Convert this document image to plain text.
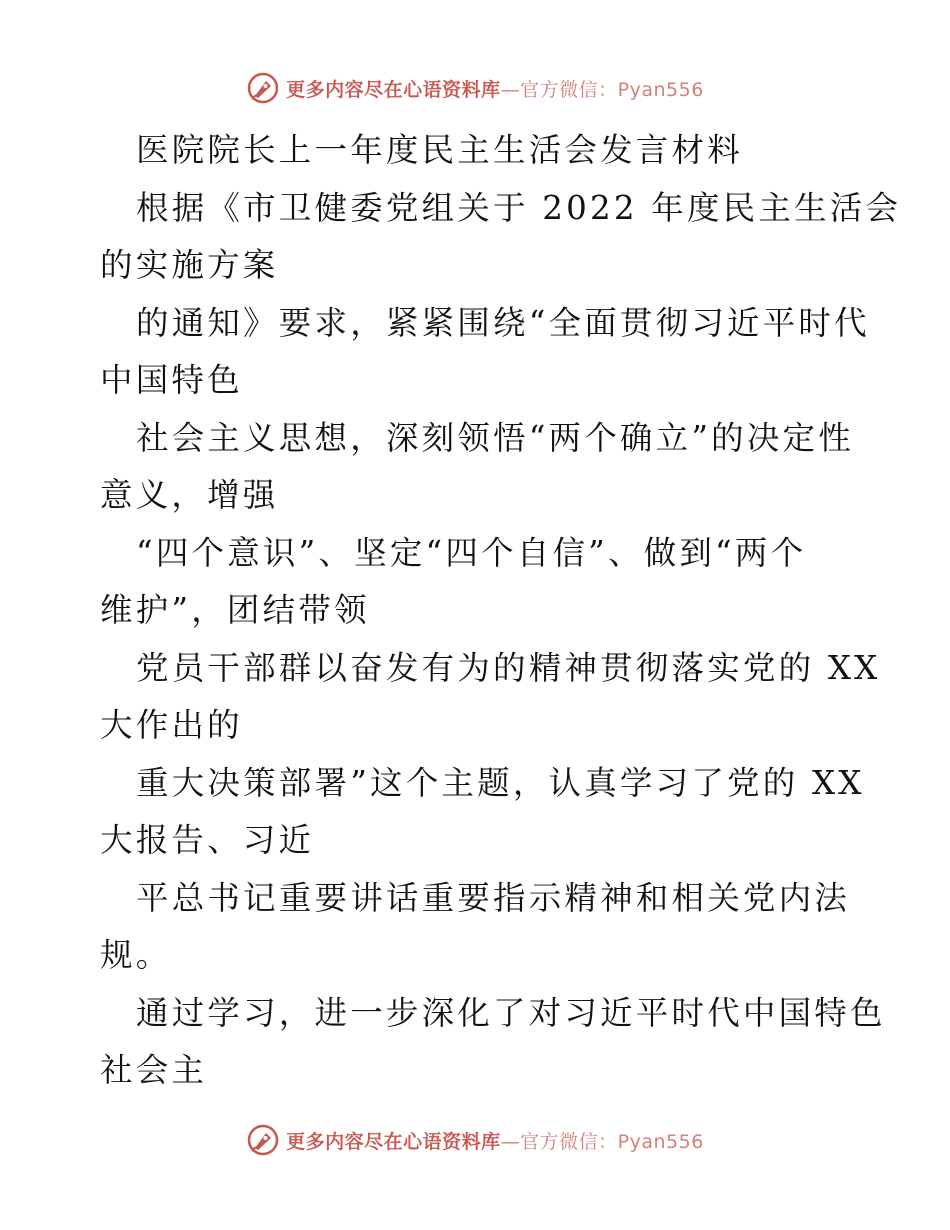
更多内容尽在心语资料库—官方微信：Pyan556
医院院长上一年度民主生活会发言材料
根据《市卫健委党组关于 2022 年度民主生活会
的实施方案
的通知》要求，紧紧围绕“全面贯彻习近平时代
中国特色
社会主义思想，深刻领悟“两个确立”的决定性
意义，增强
“四个意识”、坚定“四个自信”、做到“两个
维护”，团结带领
党员干部群以奋发有为的精神贯彻落实党的 XX
大作出的
重大决策部署”这个主题，认真学习了党的 XX
大报告、习近
平总书记重要讲话重要指示精神和相关党内法
规。
通过学习，进一步深化了对习近平时代中国特色
社会主
更多内容尽在心语资料库—官方微信：Pyan556
